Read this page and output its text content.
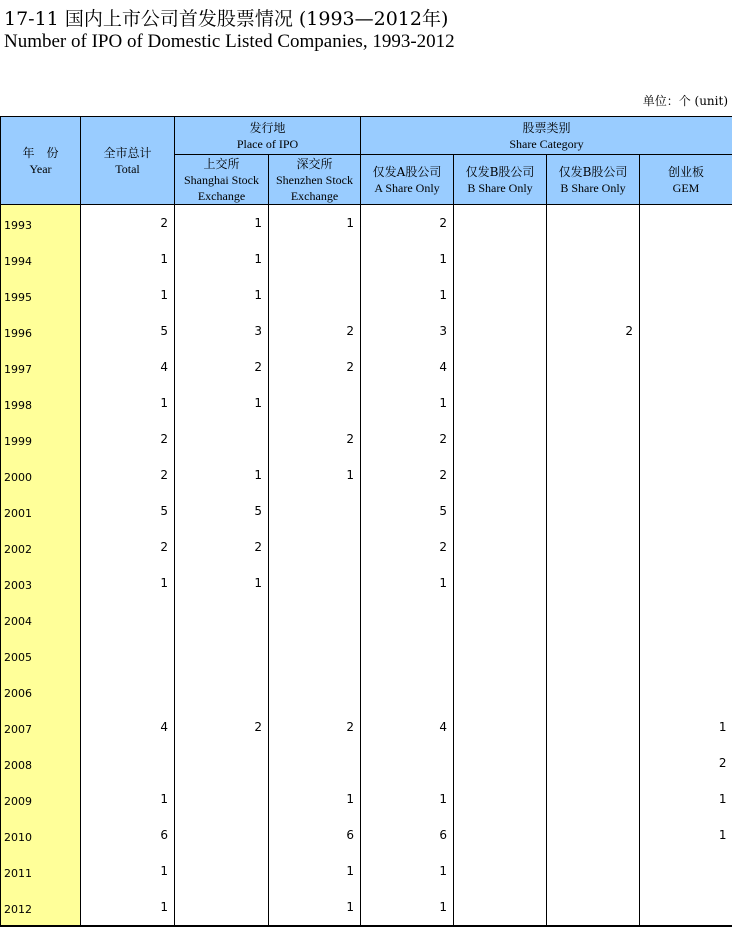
17-11 国内上市公司首发股票情况 (1993—2012年)
Number of IPO of Domestic Listed Companies, 1993-2012
单位：个 (unit)
年　份
Year	全市总计
Total	发行地
Place of IPO		股票类别
Share Category			

		上交所
Shanghai Stock Exchange	深交所
Shenzhen Stock Exchange	仅发A股公司
A Share Only	仅发B股公司
B Share Only	仅发B股公司
B Share Only	创业板
GEM

1993	2	1	1	2			
1994	1	1		1			
1995	1	1		1			
1996	5	3	2	3		2	
1997	4	2	2	4			
1998	1	1		1			
1999	2		2	2			
2000	2	1	1	2			
2001	5	5		5			
2002	2	2		2			
2003	1	1		1			
2004							
2005							
2006							
2007	4	2	2	4			1
2008							2
2009	1		1	1			1
2010	6		6	6			1
2011	1		1	1			
2012	1		1	1			
